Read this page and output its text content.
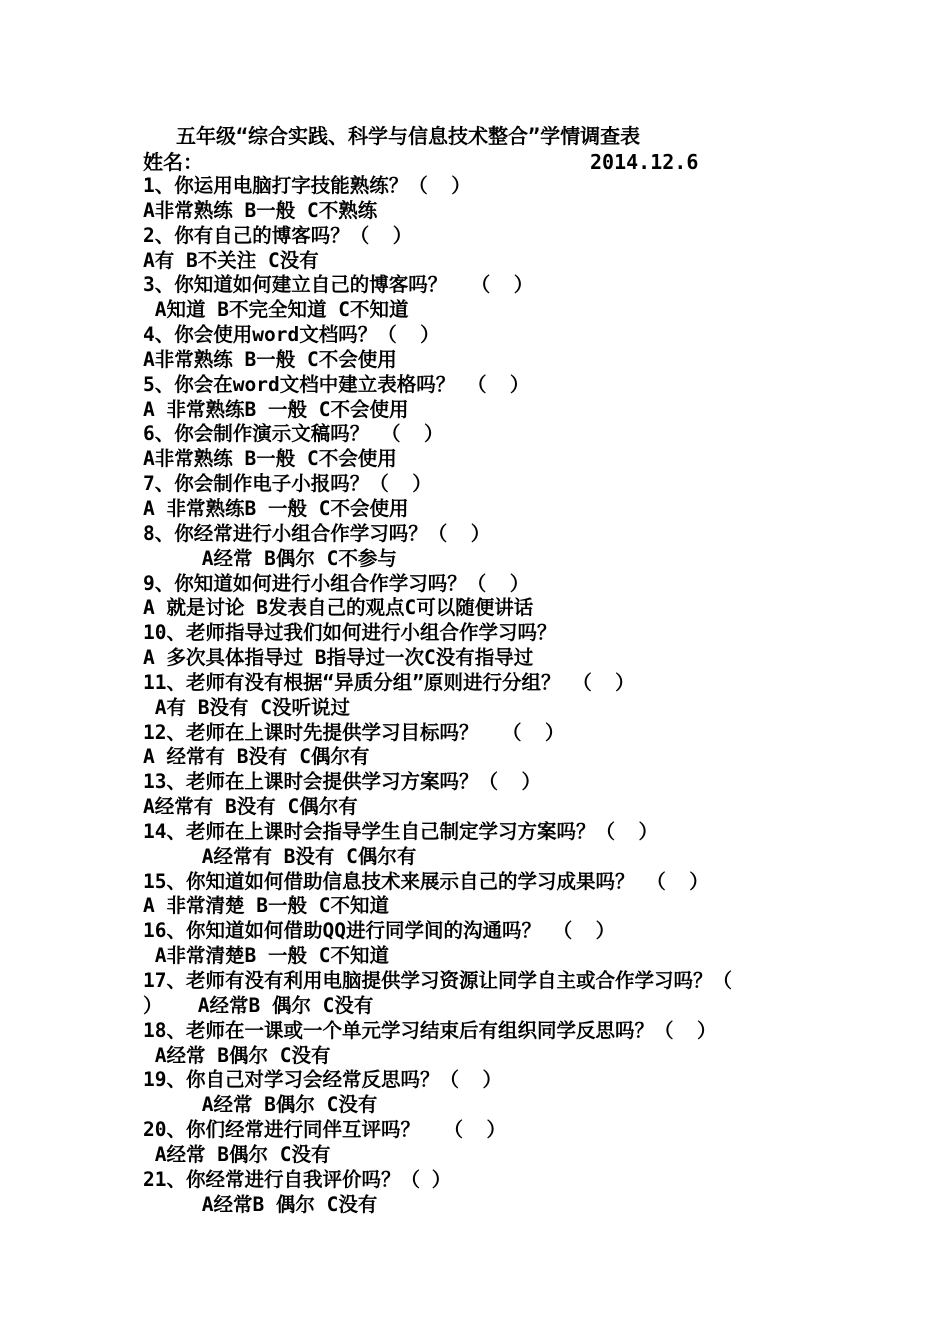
五年级“综合实践、科学与信息技术整合”学情调查表
姓名：	2014.12.6
1、你运用电脑打字技能熟练？（  ）
A非常熟练 B一般 C不熟练
2、你有自己的博客吗？（  ）
A有 B不关注 C没有
3、你知道如何建立自己的博客吗？  （  ）
A知道 B不完全知道 C不知道
4、你会使用word文档吗？（  ）
A非常熟练 B一般 C不会使用
5、你会在word文档中建立表格吗？ （  ）
A 非常熟练B 一般 C不会使用
6、你会制作演示文稿吗？ （  ）
A非常熟练 B一般 C不会使用
7、你会制作电子小报吗？（  ）
A 非常熟练B 一般 C不会使用
8、你经常进行小组合作学习吗？（  ）
A经常 B偶尔 C不参与
9、你知道如何进行小组合作学习吗？（  ）
A 就是讨论 B发表自己的观点C可以随便讲话
10、老师指导过我们如何进行小组合作学习吗？
A 多次具体指导过 B指导过一次C没有指导过
11、老师有没有根据“异质分组”原则进行分组？ （  ）
A有 B没有 C没听说过
12、老师在上课时先提供学习目标吗？  （  ）
A 经常有 B没有 C偶尔有
13、老师在上课时会提供学习方案吗？（  ）
A经常有 B没有 C偶尔有
14、老师在上课时会指导学生自己制定学习方案吗？（  ）
A经常有 B没有 C偶尔有
15、你知道如何借助信息技术来展示自己的学习成果吗？ （  ）
A 非常清楚 B一般 C不知道
16、你知道如何借助QQ进行同学间的沟通吗？ （  ）
A非常清楚B 一般 C不知道
17、老师有没有利用电脑提供学习资源让同学自主或合作学习吗？（
）   A经常B 偶尔 C没有
18、老师在一课或一个单元学习结束后有组织同学反思吗？（  ）
A经常 B偶尔 C没有
19、你自己对学习会经常反思吗？（  ）
A经常 B偶尔 C没有
20、你们经常进行同伴互评吗？  （  ）
A经常 B偶尔 C没有
21、你经常进行自我评价吗？（ ）
A经常B 偶尔 C没有
